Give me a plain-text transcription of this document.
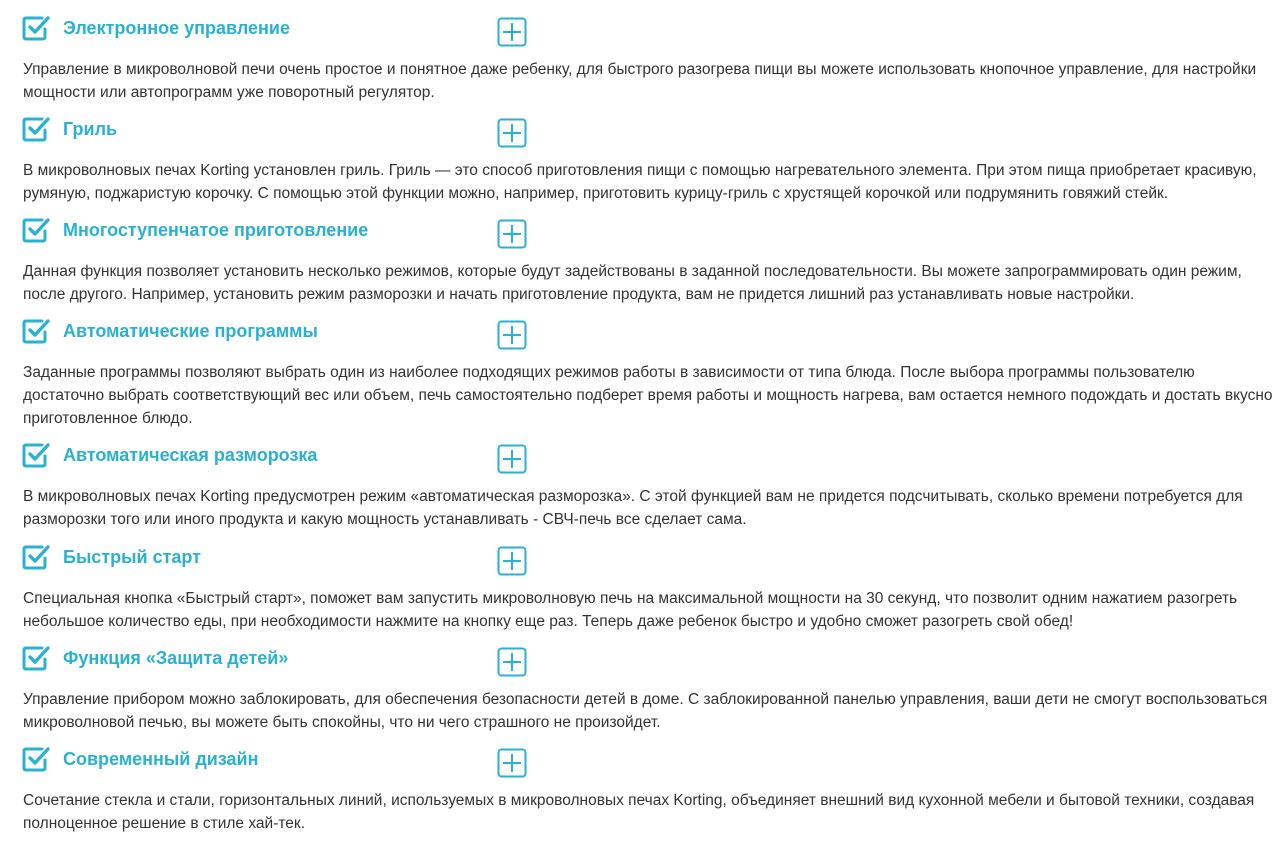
Электронное управление

Управление в микроволновой печи очень простое и понятное даже ребенку, для быстрого разогрева пищи вы можете использовать кнопочное управление, для настройки мощности или автопрограмм уже поворотный регулятор.

Гриль

В микроволновых печах Korting установлен гриль. Гриль — это способ приготовления пищи с помощью нагревательного элемента. При этом пища приобретает красивую, румяную, поджаристую корочку. С помощью этой функции можно, например, приготовить курицу-гриль с хрустящей корочкой или подрумянить говяжий стейк.

Многоступенчатое приготовление

Данная функция позволяет установить несколько режимов, которые будут задействованы в заданной последовательности. Вы можете запрограммировать один режим, после другого. Например, установить режим разморозки и начать приготовление продукта, вам не придется лишний раз устанавливать новые настройки.

Автоматические программы

Заданные программы позволяют выбрать один из наиболее подходящих режимов работы в зависимости от типа блюда. После выбора программы пользователю достаточно выбрать соответствующий вес или объем, печь самостоятельно подберет время работы и мощность нагрева, вам остается немного подождать и достать вкусно приготовленное блюдо.

Автоматическая разморозка

В микроволновых печах Korting предусмотрен режим «автоматическая разморозка». С этой функцией вам не придется подсчитывать, сколько времени потребуется для разморозки того или иного продукта и какую мощность устанавливать - СВЧ-печь все сделает сама.

Быстрый старт

Специальная кнопка «Быстрый старт», поможет вам запустить микроволновую печь на максимальной мощности на 30 секунд, что позволит одним нажатием разогреть небольшое количество еды, при необходимости нажмите на кнопку еще раз. Теперь даже ребенок быстро и удобно сможет разогреть свой обед!

Функция «Защита детей»

Управление прибором можно заблокировать, для обеспечения безопасности детей в доме. С заблокированной панелью управления, ваши дети не смогут воспользоваться микроволновой печью, вы можете быть спокойны, что ни чего страшного не произойдет.

Современный дизайн

Сочетание стекла и стали, горизонтальных линий, используемых в микроволновых печах Korting, объединяет внешний вид кухонной мебели и бытовой техники, создавая полноценное решение в стиле хай-тек.
